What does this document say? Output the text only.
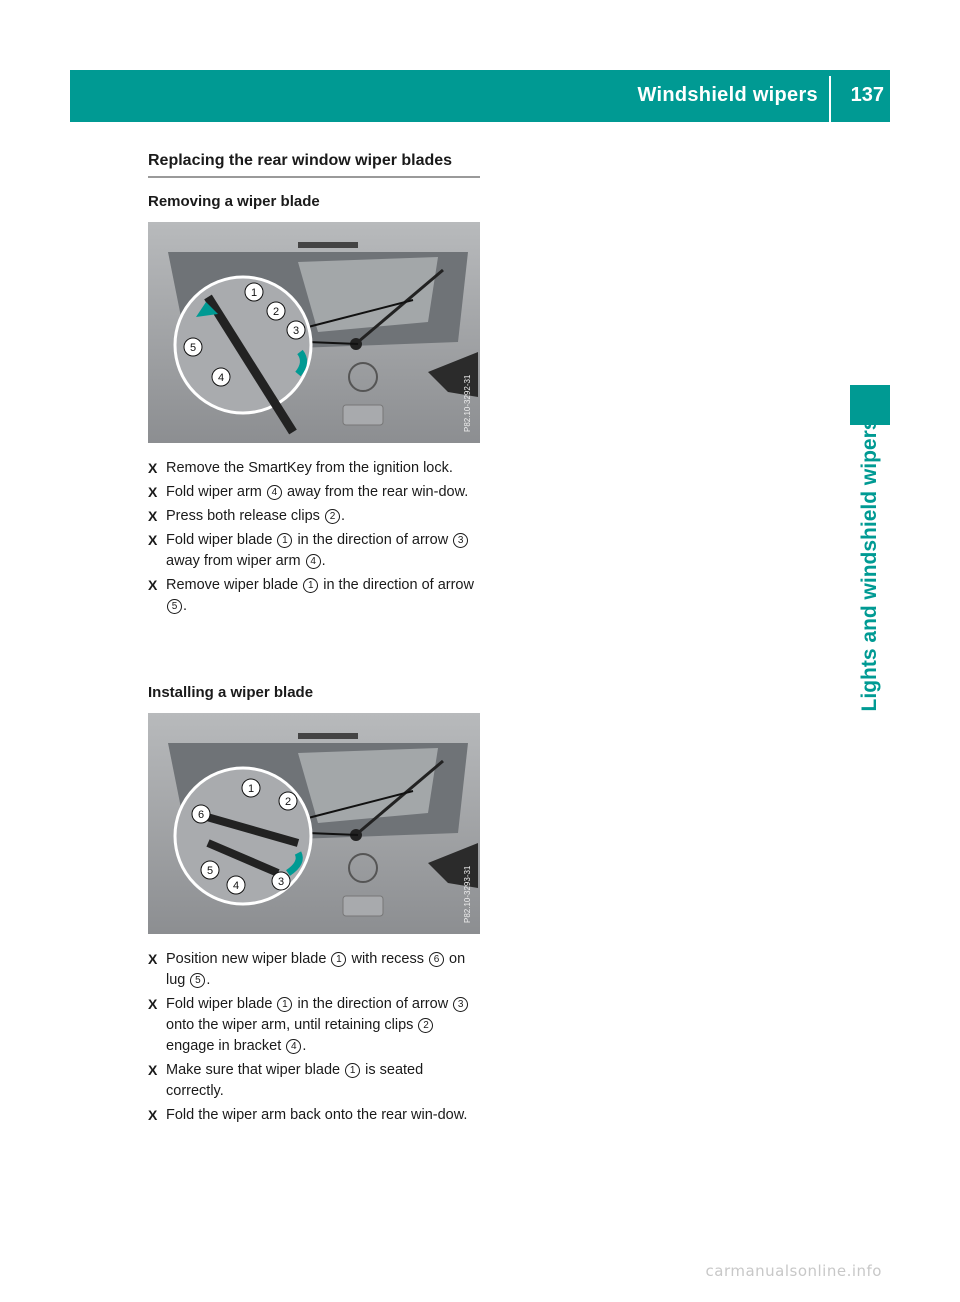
Windshield wipers 137
Lights and windshield wipers
Replacing the rear window wiper blades
Removing a wiper blade
1
2
3
4
5
P82.10-3292-31
X Remove the SmartKey from the ignition lock.
X Fold wiper arm 4 away from the rear win-dow.
X Press both release clips 2 .
X Fold wiper blade 1 in the direction of arrow 3 away from wiper arm 4 .
X Remove wiper blade 1 in the direction of arrow 5 .
Installing a wiper blade
1
2
3
4
5
6
P82.10-3293-31
X Position new wiper blade 1 with recess 6 on lug 5 .
X Fold wiper blade 1 in the direction of arrow 3 onto the wiper arm, until retaining clips 2 engage in bracket 4 .
X Make sure that wiper blade 1 is seated correctly.
X Fold the wiper arm back onto the rear win-dow.
carmanualsonline.info
